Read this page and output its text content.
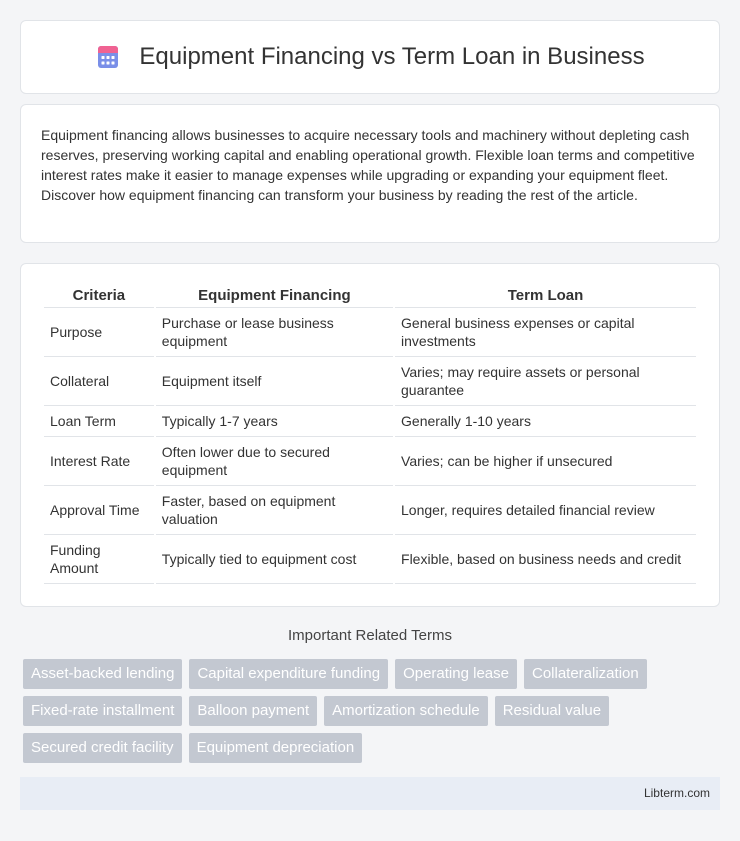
Equipment Financing vs Term Loan in Business

Equipment financing allows businesses to acquire necessary tools and machinery without depleting cash reserves, preserving working capital and enabling operational growth. Flexible loan terms and competitive interest rates make it easier to manage expenses while upgrading or expanding your equipment fleet. Discover how equipment financing can transform your business by reading the rest of the article.

Criteria	Equipment Financing	Term Loan
Purpose	Purchase or lease business equipment	General business expenses or capital investments
Collateral	Equipment itself	Varies; may require assets or personal guarantee
Loan Term	Typically 1-7 years	Generally 1-10 years
Interest Rate	Often lower due to secured equipment	Varies; can be higher if unsecured
Approval Time	Faster, based on equipment valuation	Longer, requires detailed financial review
Funding Amount	Typically tied to equipment cost	Flexible, based on business needs and credit
Important Related Terms
Asset-backed lending	Capital expenditure funding	Operating lease	Collateralization
Fixed-rate installment	Balloon payment	Amortization schedule	Residual value
Secured credit facility	Equipment depreciation
Libterm.com
